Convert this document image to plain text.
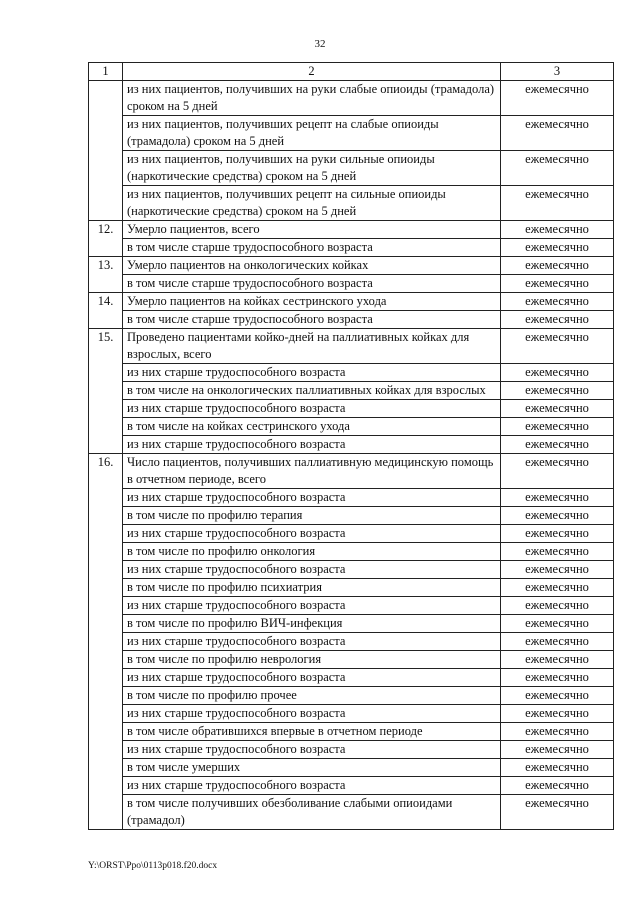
32
1	2	3
	из них пациентов, получивших на руки слабые опиоиды (трамадола) сроком на 5 дней	ежемесячно
	из них пациентов, получивших рецепт на слабые опиоиды (трамадола) сроком на 5 дней	ежемесячно
	из них пациентов, получивших на руки сильные опиоиды (наркотические средства) сроком на 5 дней	ежемесячно
	из них пациентов, получивших рецепт на сильные опиоиды (наркотические средства) сроком на 5 дней	ежемесячно
12.	Умерло пациентов, всего	ежемесячно
	в том числе старше трудоспособного возраста	ежемесячно
13.	Умерло пациентов на онкологических койках	ежемесячно
	в том числе старше трудоспособного возраста	ежемесячно
14.	Умерло пациентов на койках сестринского ухода	ежемесячно
	в том числе старше трудоспособного возраста	ежемесячно
15.	Проведено пациентами койко-дней на паллиативных койках для взрослых, всего	ежемесячно
	из них старше трудоспособного возраста	ежемесячно
	в том числе на онкологических паллиативных койках для взрослых	ежемесячно
	из них старше трудоспособного возраста	ежемесячно
	в том числе на койках сестринского ухода	ежемесячно
	из них старше трудоспособного возраста	ежемесячно
16.	Число пациентов, получивших паллиативную медицинскую помощь в отчетном периоде, всего	ежемесячно
	из них старше трудоспособного возраста	ежемесячно
	в том числе по профилю терапия	ежемесячно
	из них старше трудоспособного возраста	ежемесячно
	в том числе по профилю онкология	ежемесячно
	из них старше трудоспособного возраста	ежемесячно
	в том числе по профилю психиатрия	ежемесячно
	из них старше трудоспособного возраста	ежемесячно
	в том числе по профилю ВИЧ-инфекция	ежемесячно
	из них старше трудоспособного возраста	ежемесячно
	в том числе по профилю неврология	ежемесячно
	из них старше трудоспособного возраста	ежемесячно
	в том числе по профилю прочее	ежемесячно
	из них старше трудоспособного возраста	ежемесячно
	в том числе обратившихся впервые в отчетном периоде	ежемесячно
	из них старше трудоспособного возраста	ежемесячно
	в том числе умерших	ежемесячно
	из них старше трудоспособного возраста	ежемесячно
	в том числе получивших обезболивание слабыми опиоидами (трамадол)	ежемесячно
Y:\ORST\Ppo\0113p018.f20.docx
